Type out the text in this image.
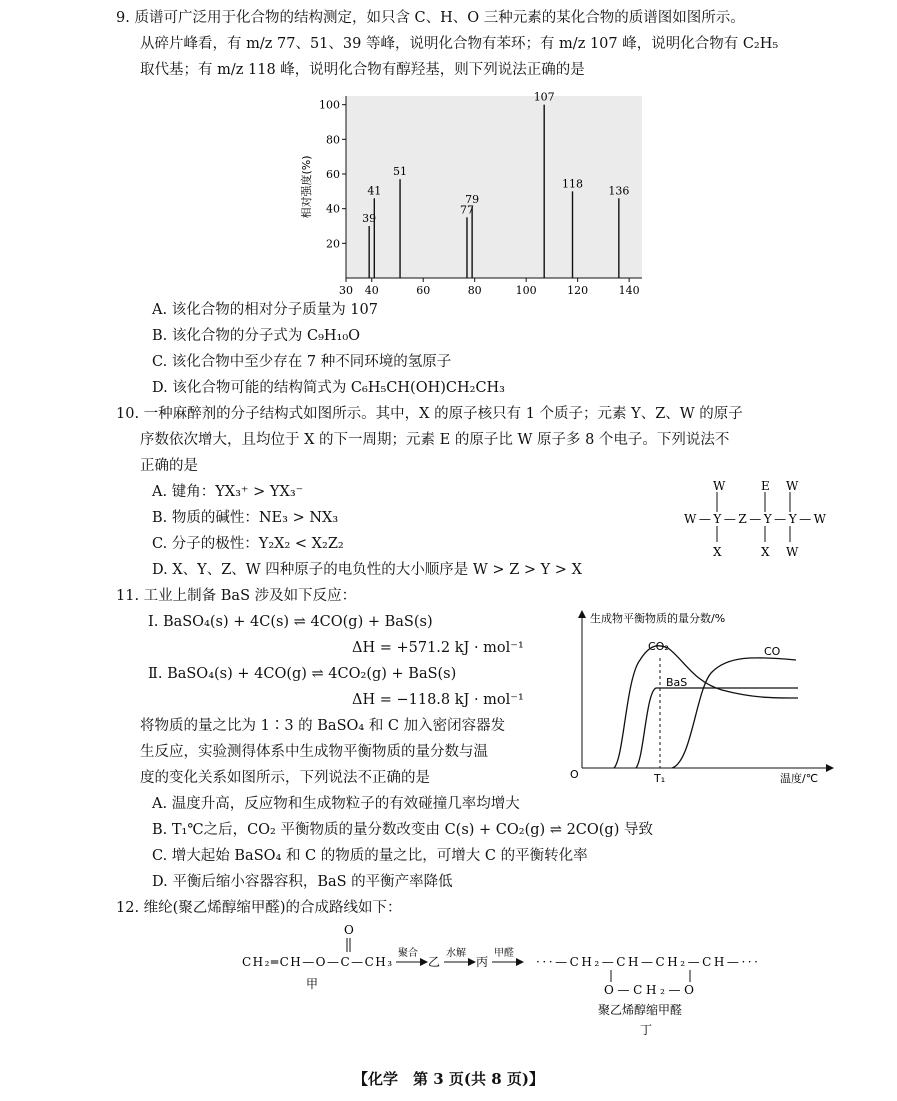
9. 质谱可广泛用于化合物的结构测定，如只含 C、H、O 三种元素的某化合物的质谱图如图所示。
从碎片峰看，有 m/z 77、51、39 等峰，说明化合物有苯环；有 m/z 107 峰，说明化合物有 C₂H₅
取代基；有 m/z 118 峰，说明化合物有醇羟基，则下列说法正确的是
30 40	60	80	100	120	140
20
40
60
80
100
相对强度(%)	39
41
51
77
79
107
118
136
A. 该化合物的相对分子质量为 107
B. 该化合物的分子式为 C₉H₁₀O
C. 该化合物中至少存在 7 种不同环境的氢原子
D. 该化合物可能的结构简式为 C₆H₅CH(OH)CH₂CH₃
10. 一种麻醉剂的分子结构式如图所示。其中，X 的原子核只有 1 个质子；元素 Y、Z、W 的原子
序数依次增大，且均位于 X 的下一周期；元素 E 的原子比 W 原子多 8 个电子。下列说法不
正确的是
A. 键角：YX₃⁺ > YX₃⁻
B. 物质的碱性：NE₃ > NX₃
C. 分子的极性：Y₂X₂ < X₂Z₂
D. X、Y、Z、W 四种原子的电负性的大小顺序是 W > Z > Y > X
W	E W
W—Y—Z—Y—Y—W
X	X W
11. 工业上制备 BaS 涉及如下反应：
Ⅰ. BaSO₄(s) + 4C(s) ⇌ 4CO(g) + BaS(s)
ΔH = +571.2 kJ · mol⁻¹
Ⅱ. BaSO₄(s) + 4CO(g) ⇌ 4CO₂(g) + BaS(s)
ΔH = −118.8 kJ · mol⁻¹
将物质的量之比为 1∶3 的 BaSO₄ 和 C 加入密闭容器发
生反应，实验测得体系中生成物平衡物质的量分数与温
度的变化关系如图所示，下列说法不正确的是
生成物平衡物质的量分数/%
温度/℃
O	T₁
CO₂	CO
BaS
A. 温度升高，反应物和生成物粒子的有效碰撞几率均增大
B. T₁℃之后，CO₂ 平衡物质的量分数改变由 C(s) + CO₂(g) ⇌ 2CO(g) 导致
C. 增大起始 BaSO₄ 和 C 的物质的量之比，可增大 C 的平衡转化率
D. 平衡后缩小容器容积，BaS 的平衡产率降低
12. 维纶(聚乙烯醇缩甲醛)的合成路线如下：
O
CH₂═CH—O—C—CH₃
甲
聚合
乙
水解
丙
甲醛
···—CH₂—CH—CH₂—CH—···
O—CH₂—O
聚乙烯醇缩甲醛
丁
【化学　第 3 页(共 8 页)】
